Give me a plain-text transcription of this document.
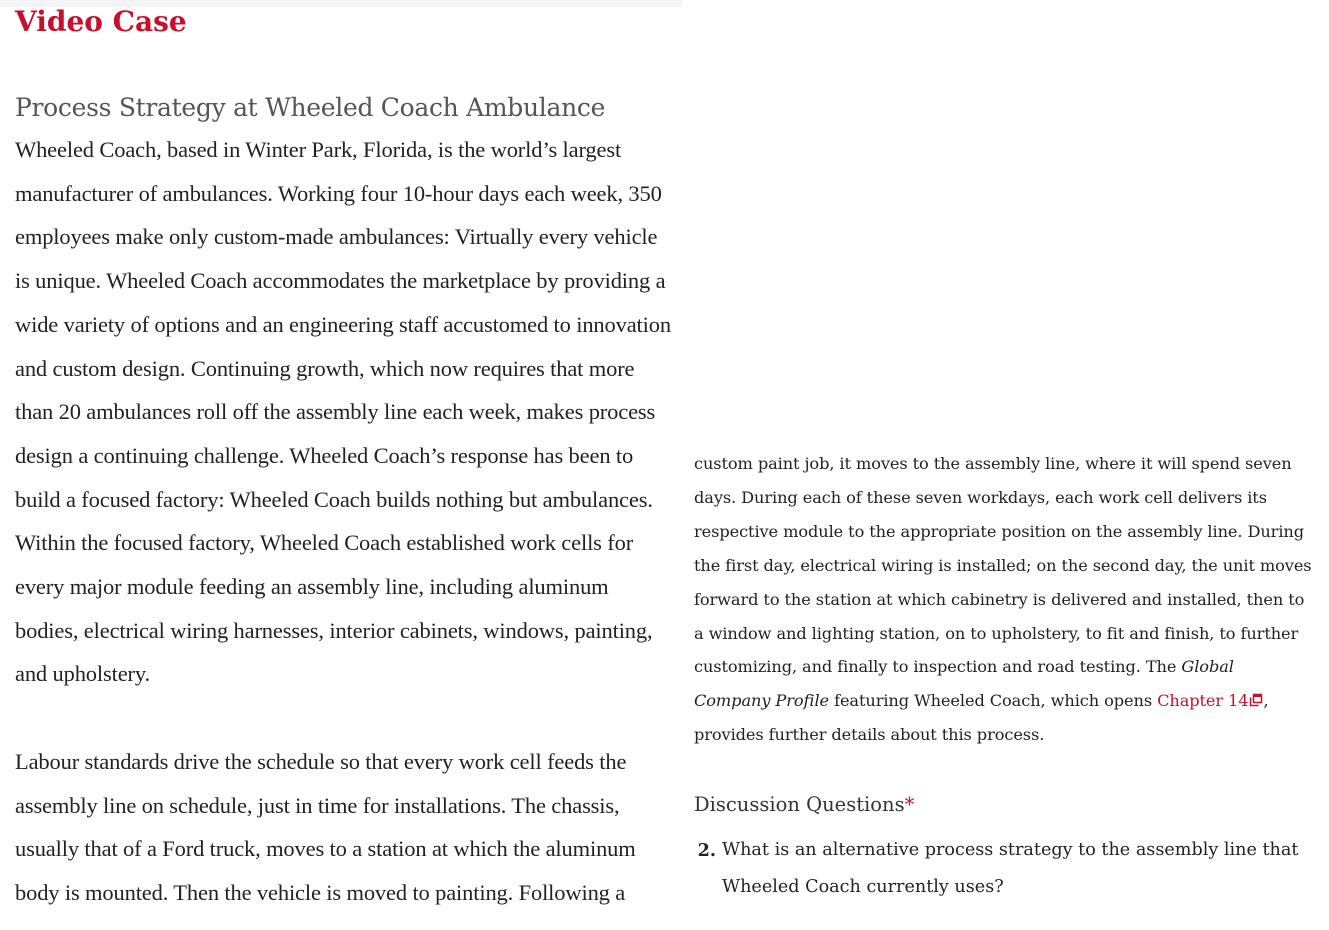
Video Case
Process Strategy at Wheeled Coach Ambulance

Wheeled Coach, based in Winter Park, Florida, is the world’s largest manufacturer of ambulances. Working four 10-hour days each week, 350 employees make only custom-made ambulances: Virtually every vehicle is unique. Wheeled Coach accommodates the marketplace by providing a wide variety of options and an engineering staff accustomed to innovation and custom design. Continuing growth, which now requires that more than 20 ambulances roll off the assembly line each week, makes process design a continuing challenge. Wheeled Coach’s response has been to build a focused factory: Wheeled Coach builds nothing but ambulances. Within the focused factory, Wheeled Coach established work cells for every major module feeding an assembly line, including aluminum bodies, electrical wiring harnesses, interior cabinets, windows, painting, and upholstery.

Labour standards drive the schedule so that every work cell feeds the assembly line on schedule, just in time for installations. The chassis, usually that of a Ford truck, moves to a station at which the aluminum body is mounted. Then the vehicle is moved to painting. Following a

custom paint job, it moves to the assembly line, where it will spend seven days. During each of these seven workdays, each work cell delivers its respective module to the appropriate position on the assembly line. During the first day, electrical wiring is installed; on the second day, the unit moves forward to the station at which cabinetry is delivered and installed, then to a window and lighting station, on to upholstery, to fit and finish, to further customizing, and finally to inspection and road testing. The Global Company Profile featuring Wheeled Coach, which opens Chapter 14 , provides further details about this process.

Discussion Questions*
2. What is an alternative process strategy to the assembly line that Wheeled Coach currently uses?
